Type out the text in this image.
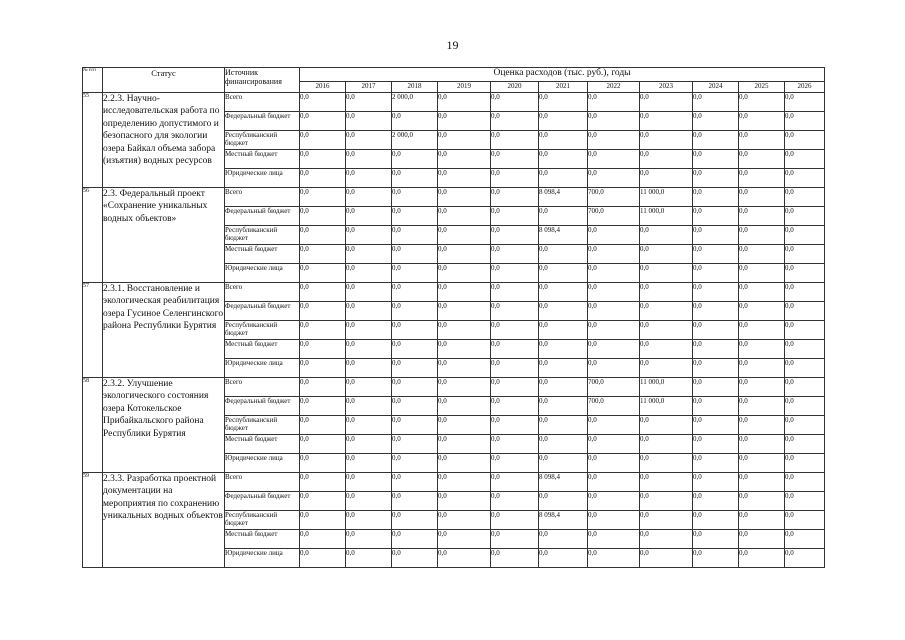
19
№ п/п	Статус	Источник финансирования	Оценка расходов (тыс. руб.), годы										
			2016	2017	2018	2019	2020	2021	2022	2023	2024	2025	2026
55	2.2.3. Научно-исследовательская работа по определению допустимого и безопасного для экологии озера Байкал объема забора (изъятия) водных ресурсов	Всего	0,0	0,0	2 000,0	0,0	0,0	0,0	0,0	0,0	0,0	0,0	0,0
		Федеральный бюджет	0,0	0,0	0,0	0,0	0,0	0,0	0,0	0,0	0,0	0,0	0,0
		Республиканский бюджет	0,0	0,0	2 000,0	0,0	0,0	0,0	0,0	0,0	0,0	0,0	0,0
		Местный бюджет	0,0	0,0	0,0	0,0	0,0	0,0	0,0	0,0	0,0	0,0	0,0
		Юридические лица	0,0	0,0	0,0	0,0	0,0	0,0	0,0	0,0	0,0	0,0	0,0
56	2.3. Федеральный проект «Сохранение уникальных водных объектов»	Всего	0,0	0,0	0,0	0,0	0,0	8 098,4	700,0	11 000,0	0,0	0,0	0,0
		Федеральный бюджет	0,0	0,0	0,0	0,0	0,0	0,0	700,0	11 000,0	0,0	0,0	0,0
		Республиканский бюджет	0,0	0,0	0,0	0,0	0,0	8 098,4	0,0	0,0	0,0	0,0	0,0
		Местный бюджет	0,0	0,0	0,0	0,0	0,0	0,0	0,0	0,0	0,0	0,0	0,0
		Юридические лица	0,0	0,0	0,0	0,0	0,0	0,0	0,0	0,0	0,0	0,0	0,0
57	2.3.1. Восстановление и экологическая реабилитация озера Гусиное Селенгинского района Республики Бурятия	Всего	0,0	0,0	0,0	0,0	0,0	0,0	0,0	0,0	0,0	0,0	0,0
		Федеральный бюджет	0,0	0,0	0,0	0,0	0,0	0,0	0,0	0,0	0,0	0,0	0,0
		Республиканский бюджет	0,0	0,0	0,0	0,0	0,0	0,0	0,0	0,0	0,0	0,0	0,0
		Местный бюджет	0,0	0,0	0,0	0,0	0,0	0,0	0,0	0,0	0,0	0,0	0,0
		Юридические лица	0,0	0,0	0,0	0,0	0,0	0,0	0,0	0,0	0,0	0,0	0,0
58	2.3.2. Улучшение экологического состояния озера Котокельское Прибайкальского района Республики Бурятия	Всего	0,0	0,0	0,0	0,0	0,0	0,0	700,0	11 000,0	0,0	0,0	0,0
		Федеральный бюджет	0,0	0,0	0,0	0,0	0,0	0,0	700,0	11 000,0	0,0	0,0	0,0
		Республиканский бюджет	0,0	0,0	0,0	0,0	0,0	0,0	0,0	0,0	0,0	0,0	0,0
		Местный бюджет	0,0	0,0	0,0	0,0	0,0	0,0	0,0	0,0	0,0	0,0	0,0
		Юридические лица	0,0	0,0	0,0	0,0	0,0	0,0	0,0	0,0	0,0	0,0	0,0
59	2.3.3. Разработка проектной документации на мероприятия по сохранению уникальных водных объектов	Всего	0,0	0,0	0,0	0,0	0,0	8 098,4	0,0	0,0	0,0	0,0	0,0
		Федеральный бюджет	0,0	0,0	0,0	0,0	0,0	0,0	0,0	0,0	0,0	0,0	0,0
		Республиканский бюджет	0,0	0,0	0,0	0,0	0,0	8 098,4	0,0	0,0	0,0	0,0	0,0
		Местный бюджет	0,0	0,0	0,0	0,0	0,0	0,0	0,0	0,0	0,0	0,0	0,0
		Юридические лица	0,0	0,0	0,0	0,0	0,0	0,0	0,0	0,0	0,0	0,0	0,0
